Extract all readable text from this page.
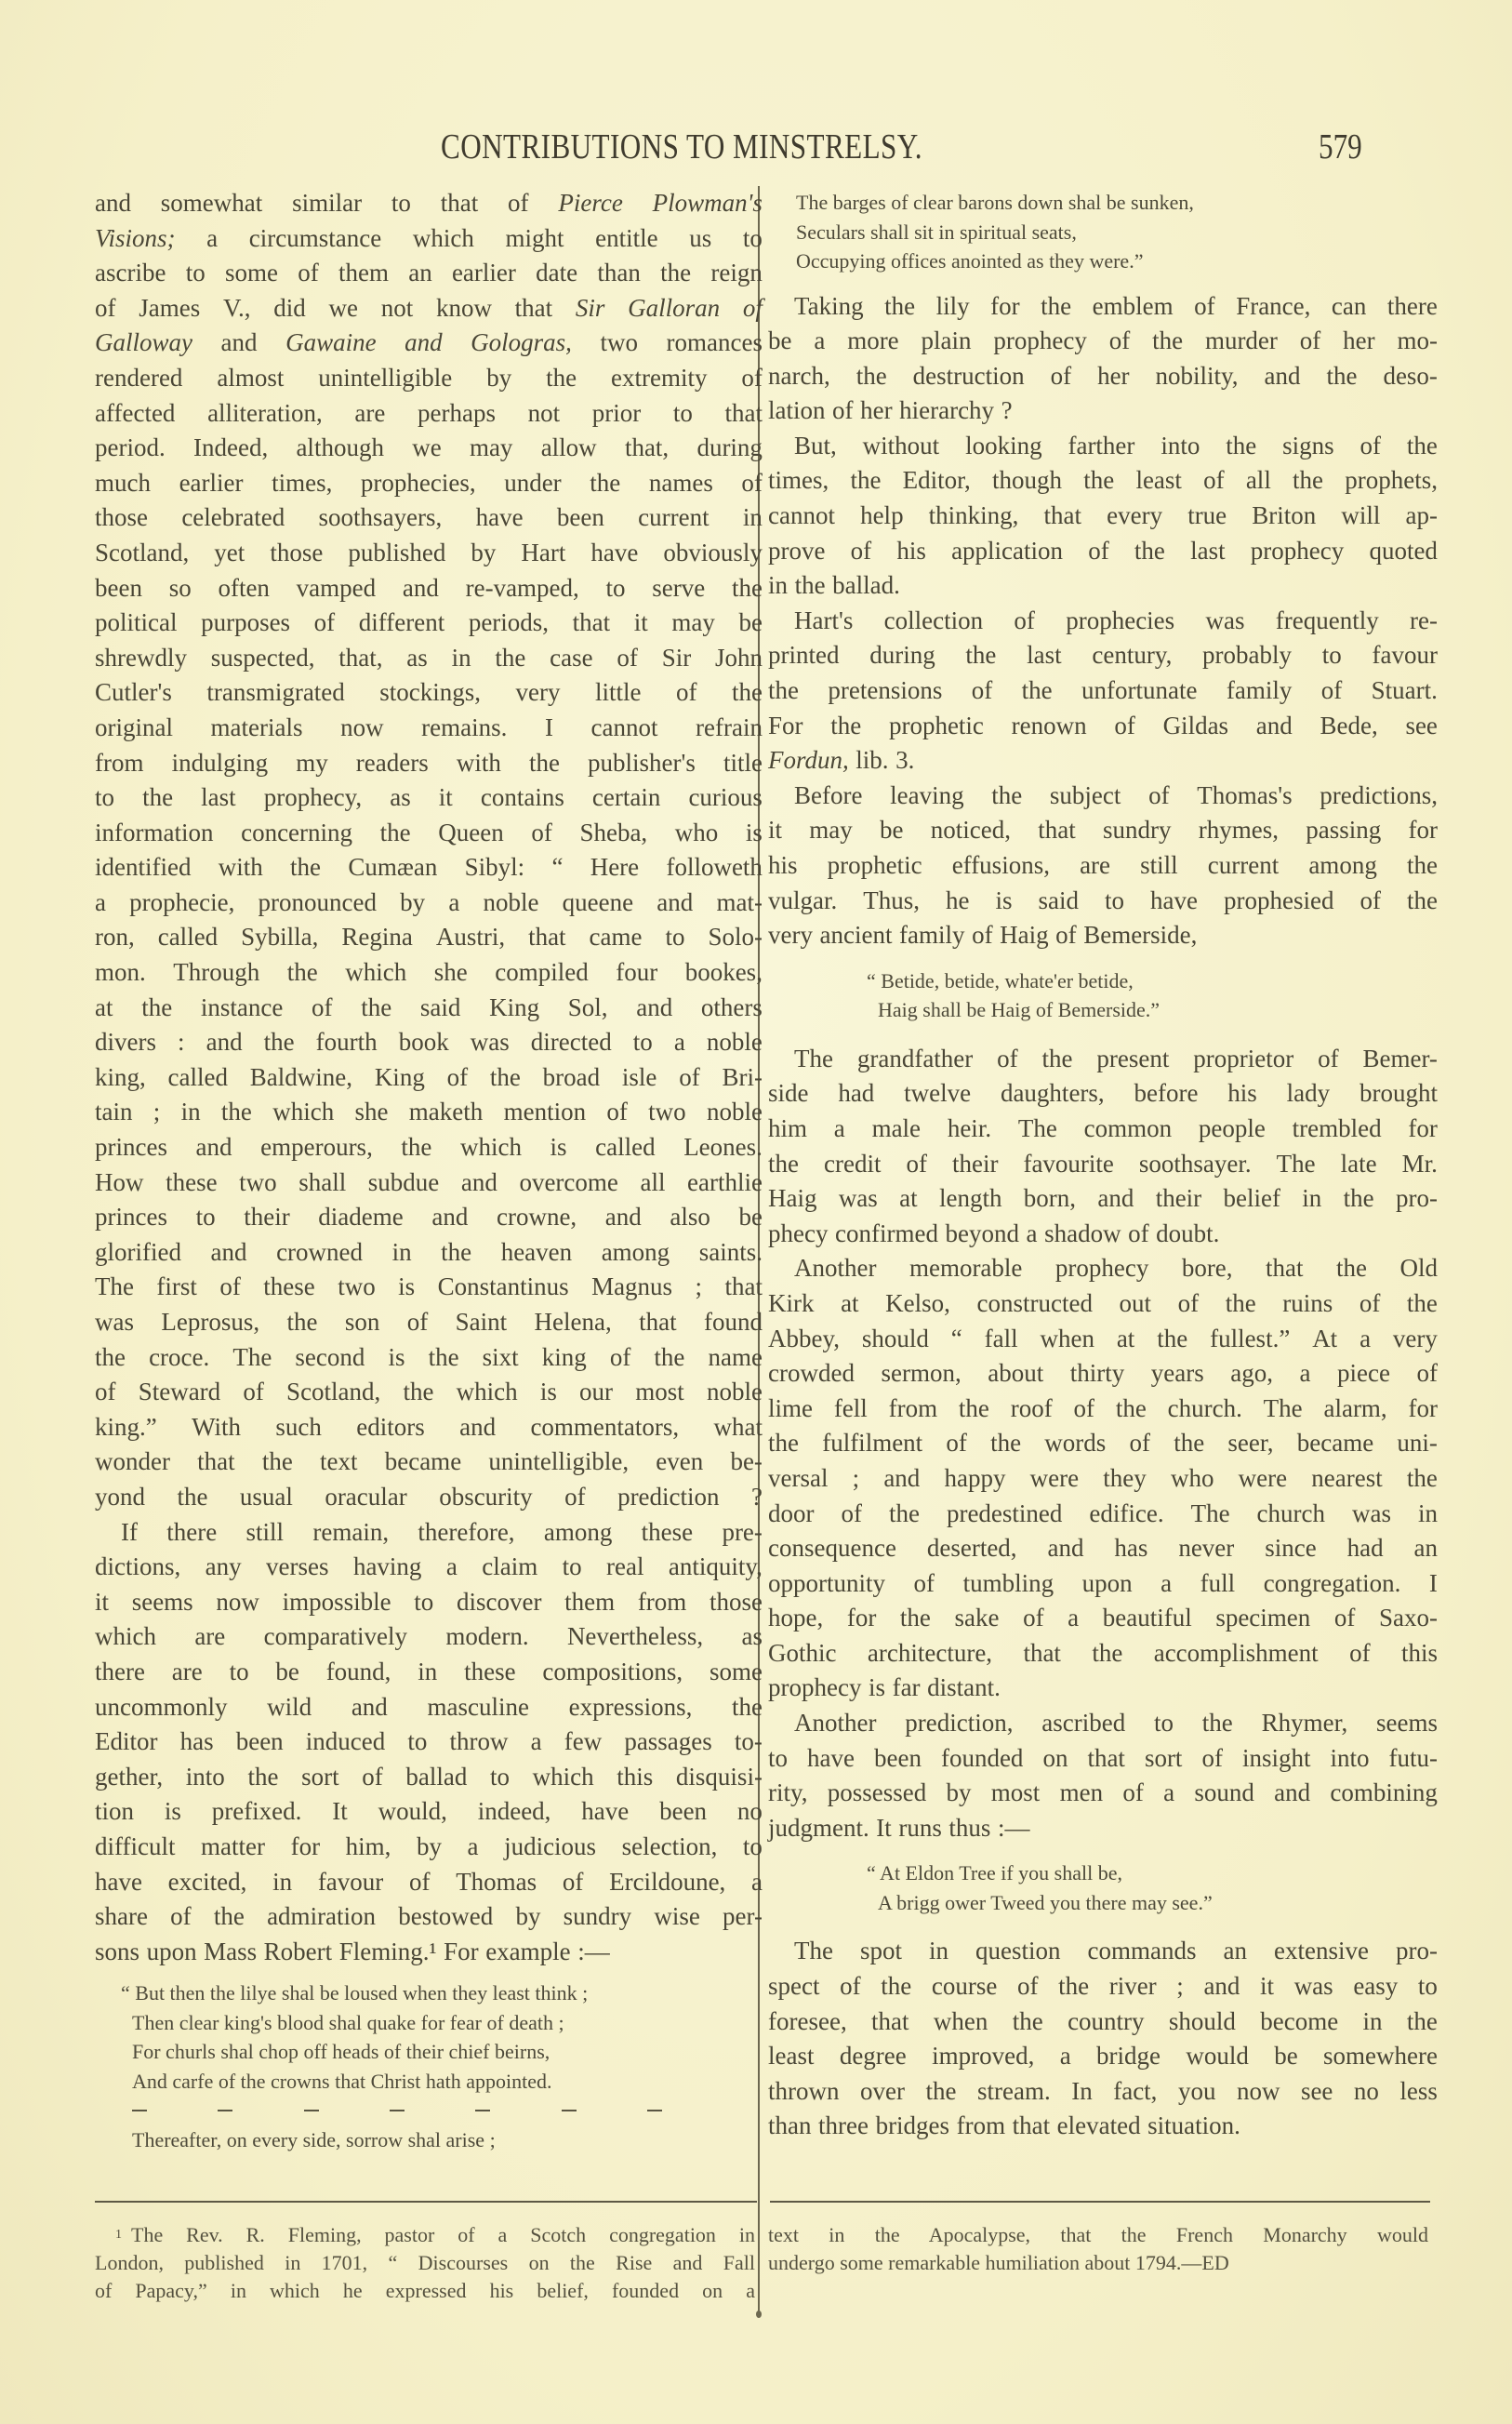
CONTRIBUTIONS TO MINSTRELSY.	579
and somewhat similar to that of Pierce Plowman's
Visions; a circumstance which might entitle us to
ascribe to some of them an earlier date than the reign
of James V., did we not know that Sir Galloran of
Galloway and Gawaine and Gologras, two romances
rendered almost unintelligible by the extremity of
affected alliteration, are perhaps not prior to that
period. Indeed, although we may allow that, during
much earlier times, prophecies, under the names of
those celebrated soothsayers, have been current in
Scotland, yet those published by Hart have obviously
been so often vamped and re-vamped, to serve the
political purposes of different periods, that it may be
shrewdly suspected, that, as in the case of Sir John
Cutler's transmigrated stockings, very little of the
original materials now remains. I cannot refrain
from indulging my readers with the publisher's title
to the last prophecy, as it contains certain curious
information concerning the Queen of Sheba, who is
identified with the Cumæan Sibyl: “ Here followeth
a prophecie, pronounced by a noble queene and mat-
ron, called Sybilla, Regina Austri, that came to Solo-
mon. Through the which she compiled four bookes,
at the instance of the said King Sol, and others
divers : and the fourth book was directed to a noble
king, called Baldwine, King of the broad isle of Bri-
tain ; in the which she maketh mention of two noble
princes and emperours, the which is called Leones.
How these two shall subdue and overcome all earthlie
princes to their diademe and crowne, and also be
glorified and crowned in the heaven among saints.
The first of these two is Constantinus Magnus ; that
was Leprosus, the son of Saint Helena, that found
the croce. The second is the sixt king of the name
of Steward of Scotland, the which is our most noble
king.” With such editors and commentators, what
wonder that the text became unintelligible, even be-
yond the usual oracular obscurity of prediction ?
If there still remain, therefore, among these pre-
dictions, any verses having a claim to real antiquity,
it seems now impossible to discover them from those
which are comparatively modern. Nevertheless, as
there are to be found, in these compositions, some
uncommonly wild and masculine expressions, the
Editor has been induced to throw a few passages to-
gether, into the sort of ballad to which this disquisi-
tion is prefixed. It would, indeed, have been no
difficult matter for him, by a judicious selection, to
have excited, in favour of Thomas of Ercildoune, a
share of the admiration bestowed by sundry wise per-
sons upon Mass Robert Fleming.¹ For example :—
“ But then the lilye shal be loused when they least think ;
Then clear king's blood shal quake for fear of death ;
For churls shal chop off heads of their chief beirns,
And carfe of the crowns that Christ hath appointed.
Thereafter, on every side, sorrow shal arise ;
The barges of clear barons down shal be sunken,
Seculars shall sit in spiritual seats,
Occupying offices anointed as they were.”
Taking the lily for the emblem of France, can there
be a more plain prophecy of the murder of her mo-
narch, the destruction of her nobility, and the deso-
lation of her hierarchy ?
But, without looking farther into the signs of the
times, the Editor, though the least of all the prophets,
cannot help thinking, that every true Briton will ap-
prove of his application of the last prophecy quoted
in the ballad.
Hart's collection of prophecies was frequently re-
printed during the last century, probably to favour
the pretensions of the unfortunate family of Stuart.
For the prophetic renown of Gildas and Bede, see
Fordun, lib. 3.
Before leaving the subject of Thomas's predictions,
it may be noticed, that sundry rhymes, passing for
his prophetic effusions, are still current among the
vulgar. Thus, he is said to have prophesied of the
very ancient family of Haig of Bemerside,
“ Betide, betide, whate'er betide,
Haig shall be Haig of Bemerside.”
The grandfather of the present proprietor of Bemer-
side had twelve daughters, before his lady brought
him a male heir. The common people trembled for
the credit of their favourite soothsayer. The late Mr.
Haig was at length born, and their belief in the pro-
phecy confirmed beyond a shadow of doubt.
Another memorable prophecy bore, that the Old
Kirk at Kelso, constructed out of the ruins of the
Abbey, should “ fall when at the fullest.” At a very
crowded sermon, about thirty years ago, a piece of
lime fell from the roof of the church. The alarm, for
the fulfilment of the words of the seer, became uni-
versal ; and happy were they who were nearest the
door of the predestined edifice. The church was in
consequence deserted, and has never since had an
opportunity of tumbling upon a full congregation. I
hope, for the sake of a beautiful specimen of Saxo-
Gothic architecture, that the accomplishment of this
prophecy is far distant.
Another prediction, ascribed to the Rhymer, seems
to have been founded on that sort of insight into futu-
rity, possessed by most men of a sound and combining
judgment. It runs thus :—
“ At Eldon Tree if you shall be,
A brigg ower Tweed you there may see.”
The spot in question commands an extensive pro-
spect of the course of the river ; and it was easy to
foresee, that when the country should become in the
least degree improved, a bridge would be somewhere
thrown over the stream. In fact, you now see no less
than three bridges from that elevated situation.
1 The Rev. R. Fleming, pastor of a Scotch congregation in
London, published in 1701, “ Discourses on the Rise and Fall
of Papacy,” in which he expressed his belief, founded on a
text in the Apocalypse, that the French Monarchy would
undergo some remarkable humiliation about 1794.—ED
